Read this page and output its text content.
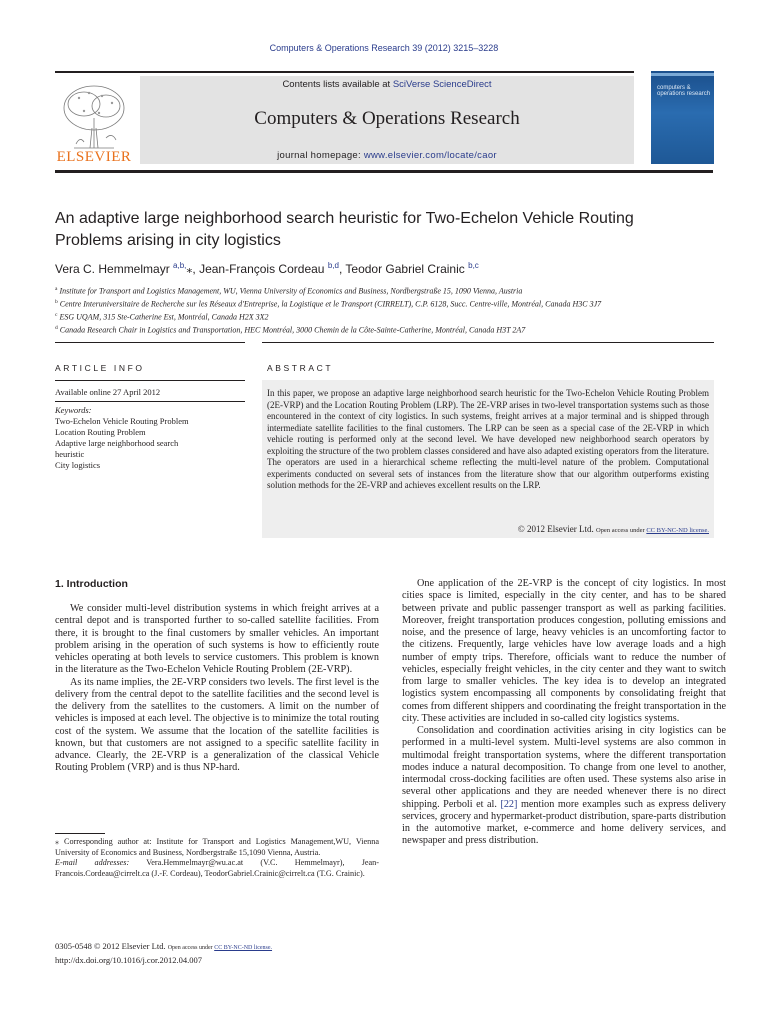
Computers & Operations Research 39 (2012) 3215–3228
ELSEVIER
Contents lists available at SciVerse ScienceDirect
Computers & Operations Research
journal homepage: www.elsevier.com/locate/caor
computers & operations research
An adaptive large neighborhood search heuristic for Two-Echelon Vehicle Routing Problems arising in city logistics
Vera C. Hemmelmayr $^{a,b,}$⁎, Jean-François Cordeau $^{b,d}$, Teodor Gabriel Crainic $^{b,c}$
$^a$ Institute for Transport and Logistics Management, WU, Vienna University of Economics and Business, Nordbergstraße 15, 1090 Vienna, Austria
$^b$ Centre Interuniversitaire de Recherche sur les Réseaux d'Entreprise, la Logistique et le Transport (CIRRELT), C.P. 6128, Succ. Centre-ville, Montréal, Canada H3C 3J7
$^c$ ESG UQAM, 315 Ste-Catherine Est, Montréal, Canada H2X 3X2
$^d$ Canada Research Chair in Logistics and Transportation, HEC Montréal, 3000 Chemin de la Côte-Sainte-Catherine, Montréal, Canada H3T 2A7
ARTICLE INFO	ABSTRACT
Available online 27 April 2012
Keywords:
Two-Echelon Vehicle Routing Problem
Location Routing Problem
Adaptive large neighborhood search
heuristic
City logistics
In this paper, we propose an adaptive large neighborhood search heuristic for the Two-Echelon Vehicle Routing Problem (2E-VRP) and the Location Routing Problem (LRP). The 2E-VRP arises in two-level transportation systems such as those encountered in the context of city logistics. In such systems, freight arrives at a major terminal and is shipped through intermediate satellite facilities to the final customers. The LRP can be seen as a special case of the 2E-VRP in which vehicle routing is performed only at the second level. We have developed new neighborhood search operators by exploiting the structure of the two problem classes considered and have also adapted existing operators from the literature. The operators are used in a hierarchical scheme reflecting the multi-level nature of the problem. Computational experiments conducted on several sets of instances from the literature show that our algorithm outperforms existing solution methods for the 2E-VRP and achieves excellent results on the LRP.
© 2012 Elsevier Ltd. Open access under CC BY-NC-ND license.
1. Introduction

We consider multi-level distribution systems in which freight arrives at a central depot and is transported further to so-called satellite facilities. From there, it is brought to the final customers by smaller vehicles. An important problem arising in the operation of such systems is how to efficiently route vehicles operating at both levels to service customers. This problem is known in the literature as the Two-Echelon Vehicle Routing Problem (2E-VRP).

As its name implies, the 2E-VRP considers two levels. The first level is the delivery from the central depot to the satellite facilities and the second level is the delivery from the satellites to the customers. A limit on the number of vehicles is imposed at each level. The objective is to minimize the total routing cost of the system. We assume that the location of the satellite facilities is known, but that customers are not assigned to a specific satellite facility in advance. Clearly, the 2E-VRP is a generalization of the classical Vehicle Routing Problem (VRP) and is thus NP-hard.

One application of the 2E-VRP is the concept of city logistics. In most cities space is limited, especially in the city center, and has to be shared between private and public passenger transport as well as parking facilities. Moreover, freight transportation produces congestion, polluting emissions and noise, and the presence of large, heavy vehicles is an uncomforting factor to the citizens. Frequently, large vehicles have low average loads and a high number of empty trips. Therefore, officials want to reduce the number of vehicles, especially freight vehicles, in the city center and they want to switch from large to smaller vehicles. The key idea is to develop an integrated logistics system encompassing all components by consolidating freight that comes from different shippers and coordinating the freight transportation in the city. These activities are included in so-called city logistics systems.

Consolidation and coordination activities arising in city logistics can be performed in a multi-level system. Multi-level systems are also common in multimodal freight transportation systems, where the different transportation modes induce a natural decomposition. To change from one level to another, intermodal cross-docking facilities are often used. These systems also arise in several other applications and they are needed whenever there is no direct shipping. Perboli et al. [22] mention more examples such as express delivery services, grocery and hypermarket-product distribution, spare-parts distribution in the automotive market, e-commerce and home delivery services, and newspaper and press distribution.

⁎ Corresponding author at: Institute for Transport and Logistics Management,WU, Vienna University of Economics and Business, Nordbergstraße 15,1090 Vienna, Austria.
E-mail addresses: Vera.Hemmelmayr@wu.ac.at (V.C. Hemmelmayr), Jean-Francois.Cordeau@cirrelt.ca (J.-F. Cordeau), TeodorGabriel.Crainic@cirrelt.ca (T.G. Crainic).
0305-0548 © 2012 Elsevier Ltd. Open access under CC BY-NC-ND license.
http://dx.doi.org/10.1016/j.cor.2012.04.007
